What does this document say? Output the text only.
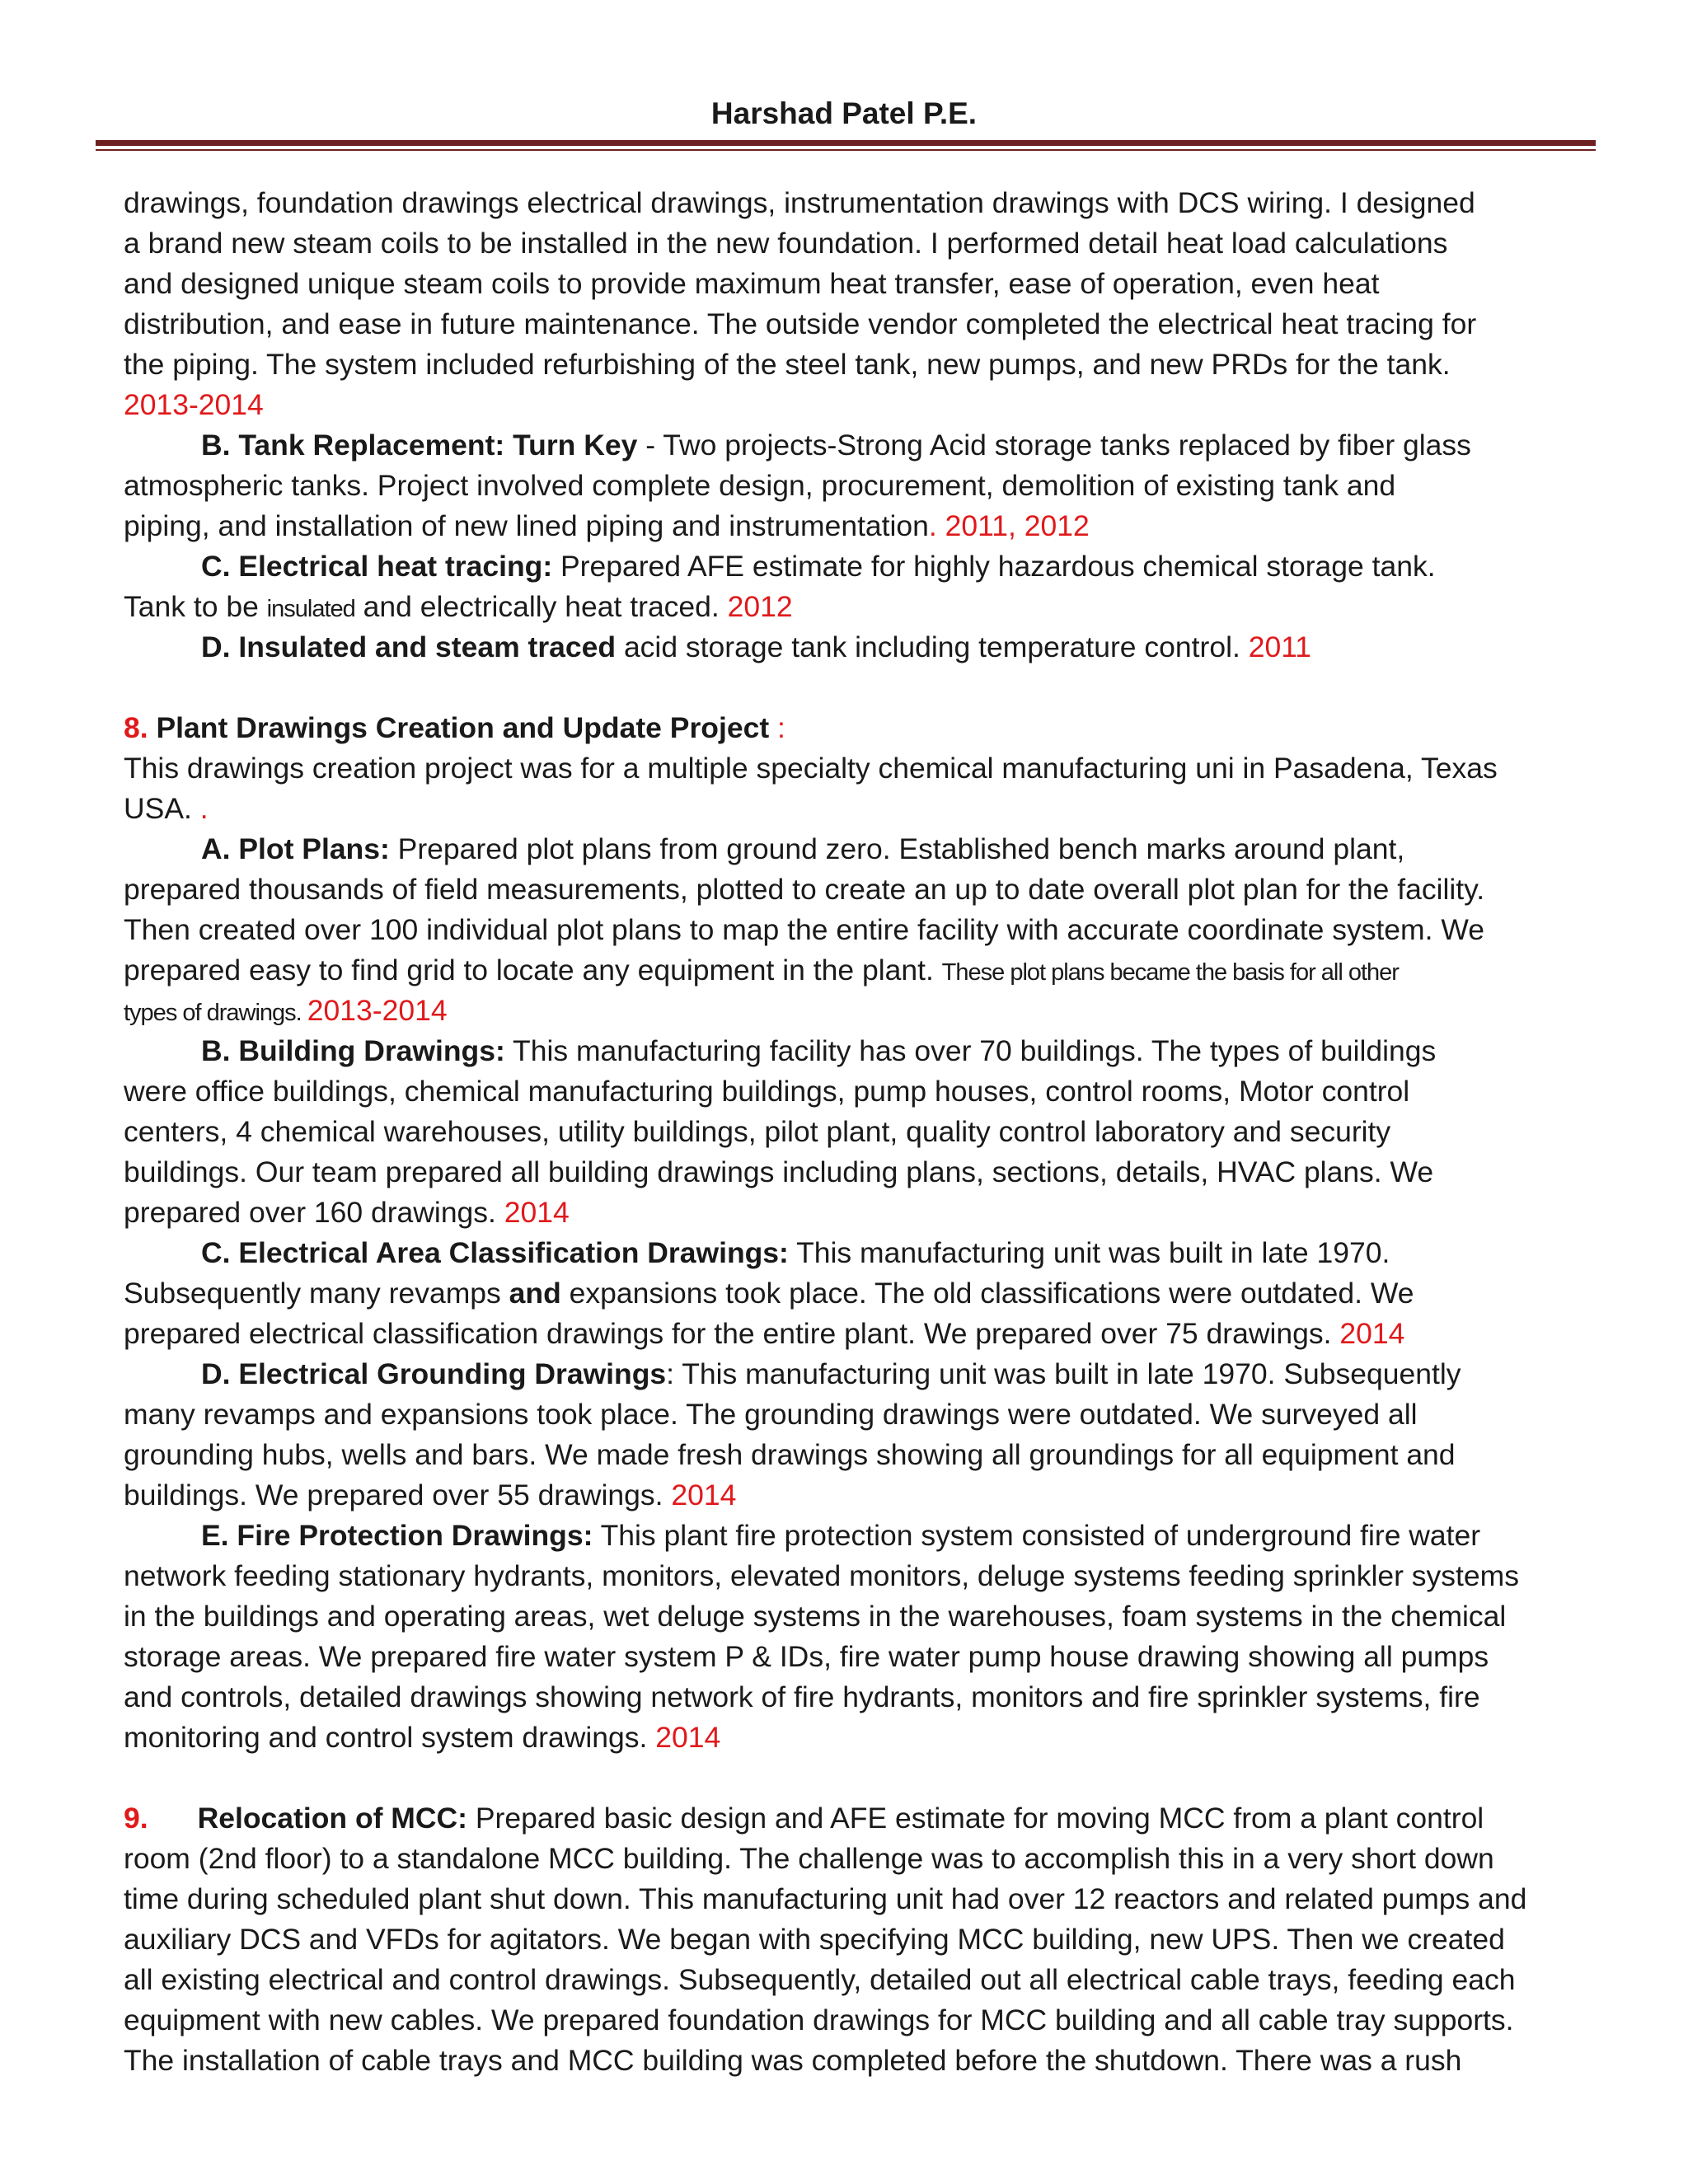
Harshad Patel P.E.
drawings, foundation drawings electrical drawings, instrumentation drawings with DCS wiring. I designed
a brand new steam coils to be installed in the new foundation. I performed detail heat load calculations
and designed unique steam coils to provide maximum heat transfer, ease of operation, even heat
distribution, and ease in future maintenance. The outside vendor completed the electrical heat tracing for
the piping. The system included refurbishing of the steel tank, new pumps, and new PRDs for the tank.
2013-2014
B. Tank Replacement: Turn Key - Two projects-Strong Acid storage tanks replaced by fiber glass
atmospheric tanks. Project involved complete design, procurement, demolition of existing tank and
piping, and installation of new lined piping and instrumentation. 2011, 2012
C. Electrical heat tracing: Prepared AFE estimate for highly hazardous chemical storage tank.
Tank to be insulated and electrically heat traced. 2012
D. Insulated and steam traced acid storage tank including temperature control. 2011
8. Plant Drawings Creation and Update Project :
This drawings creation project was for a multiple specialty chemical manufacturing uni in Pasadena, Texas
USA. .
A. Plot Plans: Prepared plot plans from ground zero. Established bench marks around plant,
prepared thousands of field measurements, plotted to create an up to date overall plot plan for the facility.
Then created over 100 individual plot plans to map the entire facility with accurate coordinate system. We
prepared easy to find grid to locate any equipment in the plant. These plot plans became the basis for all other
types of drawings. 2013-2014
B. Building Drawings: This manufacturing facility has over 70 buildings. The types of buildings
were office buildings, chemical manufacturing buildings, pump houses, control rooms, Motor control
centers, 4 chemical warehouses, utility buildings, pilot plant, quality control laboratory and security
buildings. Our team prepared all building drawings including plans, sections, details, HVAC plans. We
prepared over 160 drawings. 2014
C. Electrical Area Classification Drawings: This manufacturing unit was built in late 1970.
Subsequently many revamps and expansions took place. The old classifications were outdated. We
prepared electrical classification drawings for the entire plant. We prepared over 75 drawings. 2014
D. Electrical Grounding Drawings: This manufacturing unit was built in late 1970. Subsequently
many revamps and expansions took place. The grounding drawings were outdated. We surveyed all
grounding hubs, wells and bars. We made fresh drawings showing all groundings for all equipment and
buildings. We prepared over 55 drawings. 2014
E. Fire Protection Drawings: This plant fire protection system consisted of underground fire water
network feeding stationary hydrants, monitors, elevated monitors, deluge systems feeding sprinkler systems
in the buildings and operating areas, wet deluge systems in the warehouses, foam systems in the chemical
storage areas. We prepared fire water system P & IDs, fire water pump house drawing showing all pumps
and controls, detailed drawings showing network of fire hydrants, monitors and fire sprinkler systems, fire
monitoring and control system drawings. 2014
9. Relocation of MCC: Prepared basic design and AFE estimate for moving MCC from a plant control
room (2nd floor) to a standalone MCC building. The challenge was to accomplish this in a very short down
time during scheduled plant shut down. This manufacturing unit had over 12 reactors and related pumps and
auxiliary DCS and VFDs for agitators. We began with specifying MCC building, new UPS. Then we created
all existing electrical and control drawings. Subsequently, detailed out all electrical cable trays, feeding each
equipment with new cables. We prepared foundation drawings for MCC building and all cable tray supports.
The installation of cable trays and MCC building was completed before the shutdown. There was a rush
